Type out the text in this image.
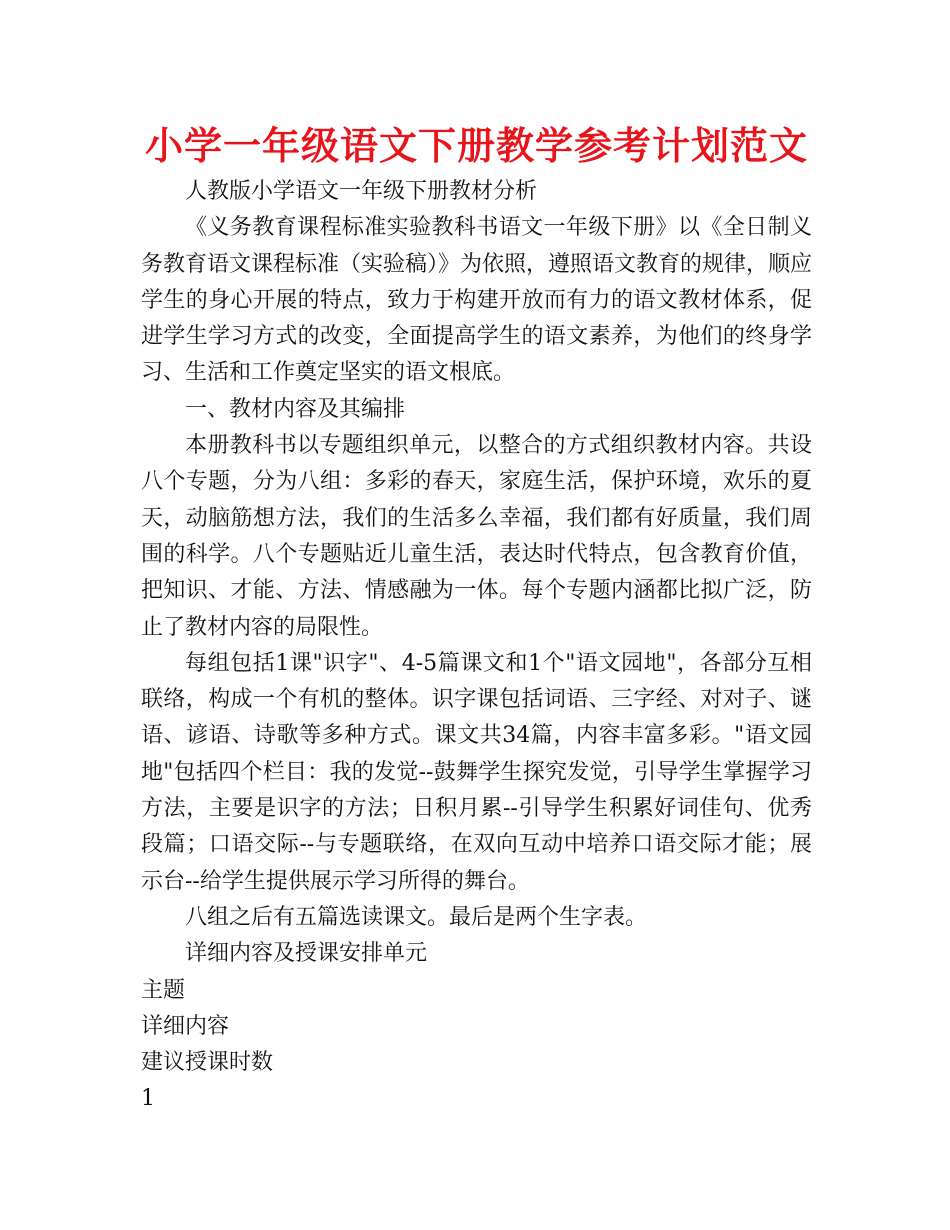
小学一年级语文下册教学参考计划范文

人教版小学语文一年级下册教材分析

《义务教育课程标准实验教科书语文一年级下册》以《全日制义务教育语文课程标准（实验稿）》为依照，遵照语文教育的规律，顺应学生的身心开展的特点，致力于构建开放而有力的语文教材体系，促进学生学习方式的改变，全面提高学生的语文素养，为他们的终身学习、生活和工作奠定坚实的语文根底。

一、教材内容及其编排

本册教科书以专题组织单元，以整合的方式组织教材内容。共设八个专题，分为八组：多彩的春天，家庭生活，保护环境，欢乐的夏天，动脑筋想方法，我们的生活多么幸福，我们都有好质量，我们周围的科学。八个专题贴近儿童生活，表达时代特点，包含教育价值，把知识、才能、方法、情感融为一体。每个专题内涵都比拟广泛，防止了教材内容的局限性。

每组包括1课"识字"、4-5篇课文和1个"语文园地"，各部分互相联络，构成一个有机的整体。识字课包括词语、三字经、对对子、谜语、谚语、诗歌等多种方式。课文共34篇，内容丰富多彩。"语文园地"包括四个栏目：我的发觉--鼓舞学生探究发觉，引导学生掌握学习方法，主要是识字的方法；日积月累--引导学生积累好词佳句、优秀段篇；口语交际--与专题联络，在双向互动中培养口语交际才能；展示台--给学生提供展示学习所得的舞台。

八组之后有五篇选读课文。最后是两个生字表。

详细内容及授课安排单元

主题

详细内容

建议授课时数

1
